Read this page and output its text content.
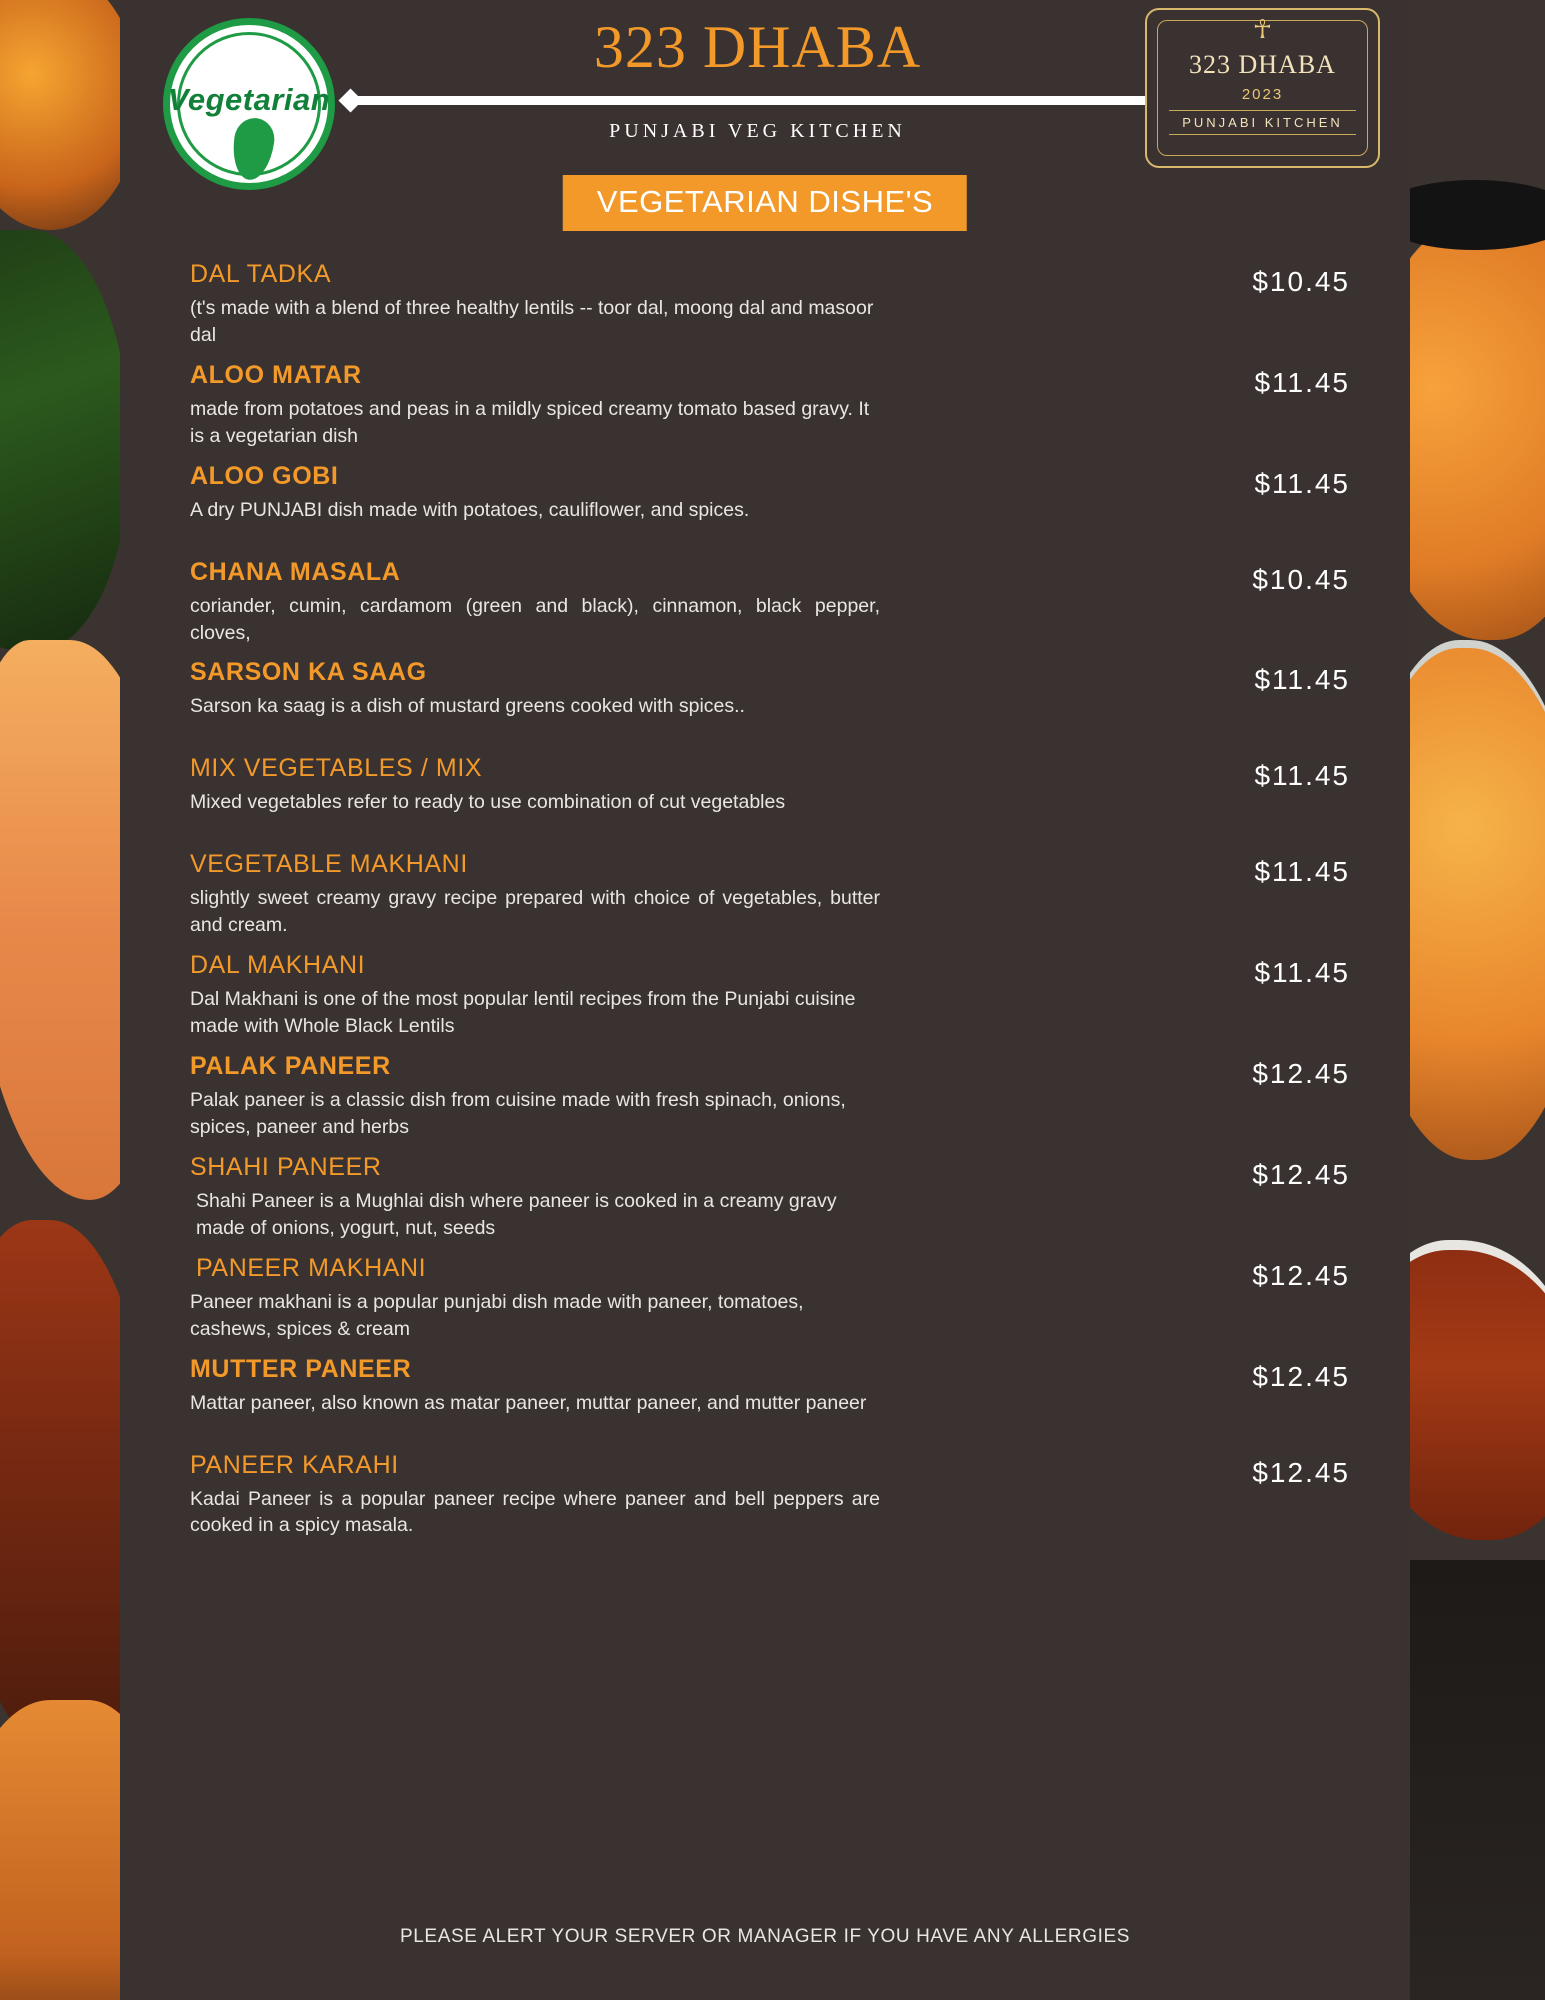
Vegetarian
323 DHABA
PUNJABI VEG KITCHEN
VEGETARIAN DISHE'S
☥
323 DHABA
2023
PUNJABI KITCHEN
DAL TADKA
(t's made with a blend of three healthy lentils -- toor dal, moong dal and masoor dal
$10.45
ALOO MATAR
made from potatoes and peas in a mildly spiced creamy tomato based gravy. It is a vegetarian dish
$11.45
ALOO GOBI
A dry PUNJABI dish made with potatoes, cauliflower, and spices.
$11.45
CHANA MASALA
coriander, cumin, cardamom (green and black), cinnamon, black pepper, cloves,
$10.45
SARSON KA SAAG
Sarson ka saag is a dish of mustard greens cooked with spices..
$11.45
MIX VEGETABLES / MIX
Mixed vegetables refer to ready to use combination of cut vegetables
$11.45
VEGETABLE MAKHANI
slightly sweet creamy gravy recipe prepared with choice of vegetables, butter and cream.
$11.45
DAL MAKHANI
Dal Makhani is one of the most popular lentil recipes from the Punjabi cuisine made with Whole Black Lentils
$11.45
PALAK PANEER
Palak paneer is a classic dish from cuisine made with fresh spinach, onions, spices, paneer and herbs
$12.45
SHAHI PANEER
Shahi Paneer is a Mughlai dish where paneer is cooked in a creamy gravy made of onions, yogurt, nut, seeds
$12.45
PANEER MAKHANI
Paneer makhani is a popular punjabi dish made with paneer, tomatoes, cashews, spices & cream
$12.45
MUTTER PANEER
Mattar paneer, also known as matar paneer, muttar paneer, and mutter paneer
$12.45
PANEER KARAHI
Kadai Paneer is a popular paneer recipe where paneer and bell peppers are cooked in a spicy masala.
$12.45
PLEASE ALERT YOUR SERVER OR MANAGER IF YOU HAVE ANY ALLERGIES
